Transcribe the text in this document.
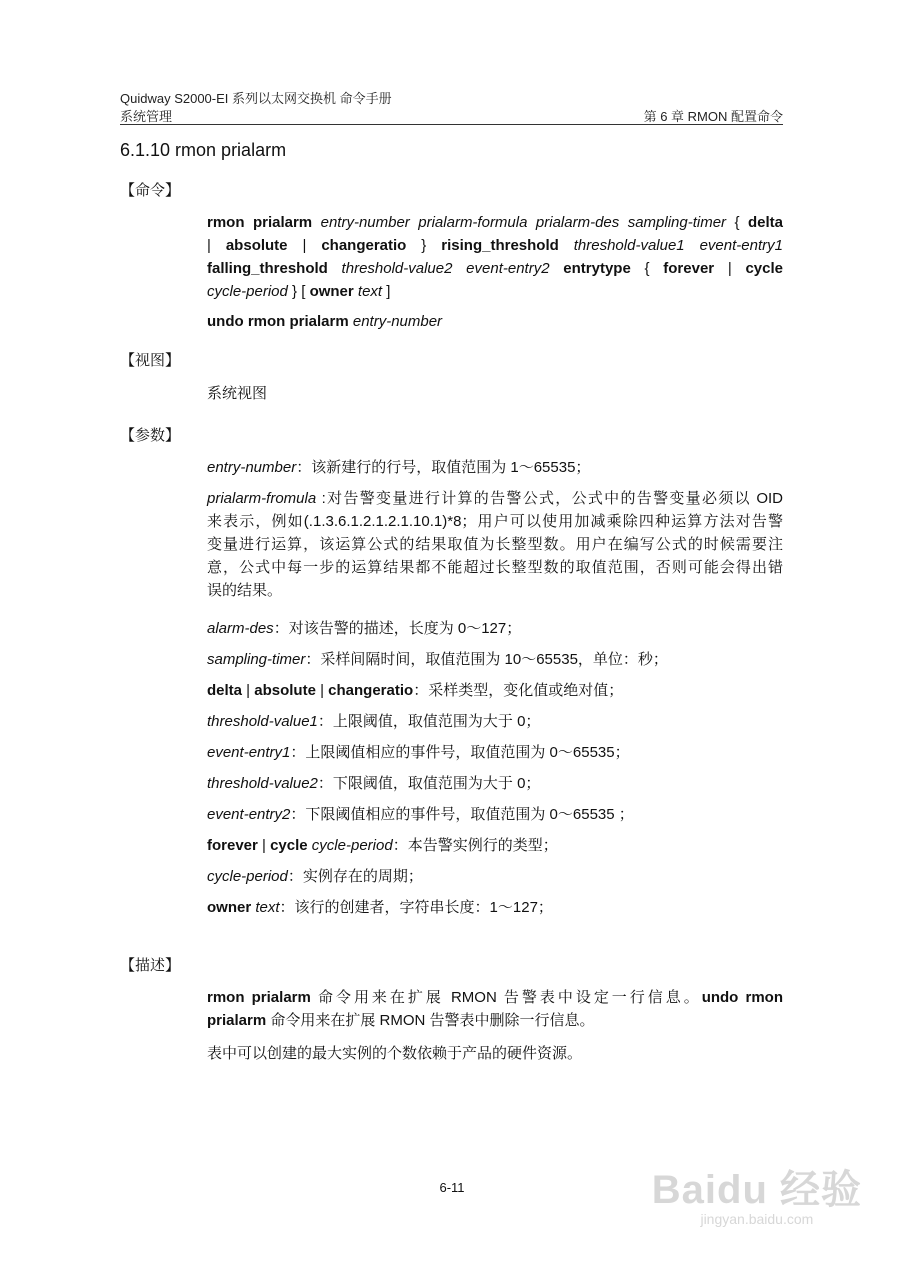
Quidway S2000-EI 系列以太网交换机 命令手册
系统管理	第 6 章 RMON 配置命令
6.1.10 rmon prialarm
【命令】
rmon prialarm entry-number prialarm-formula prialarm-des sampling-timer { delta
| absolute | changeratio } rising_threshold threshold-value1 event-entry1
falling_threshold threshold-value2 event-entry2 entrytype { forever | cycle
cycle-period } [ owner text ]
undo rmon prialarm entry-number
【视图】
系统视图
【参数】
entry-number：该新建行的行号，取值范围为 1～65535；
prialarm-fromula :对告警变量进行计算的告警公式，公式中的告警变量必须以 OID
来表示，例如(.1.3.6.1.2.1.2.1.10.1)*8；用户可以使用加减乘除四种运算方法对告警
变量进行运算，该运算公式的结果取值为长整型数。用户在编写公式的时候需要注
意，公式中每一步的运算结果都不能超过长整型数的取值范围，否则可能会得出错
误的结果。
alarm-des：对该告警的描述，长度为 0～127；
sampling-timer：采样间隔时间，取值范围为 10～65535，单位：秒；
delta | absolute | changeratio：采样类型，变化值或绝对值；
threshold-value1：上限阈值，取值范围为大于 0；
event-entry1：上限阈值相应的事件号，取值范围为 0～65535；
threshold-value2：下限阈值，取值范围为大于 0；
event-entry2：下限阈值相应的事件号，取值范围为 0～65535 ；
forever | cycle cycle-period：本告警实例行的类型；
cycle-period：实例存在的周期；
owner text：该行的创建者，字符串长度：1～127；
【描述】
rmon prialarm 命令用来在扩展 RMON 告警表中设定一行信息。undo rmon
prialarm 命令用来在扩展 RMON 告警表中删除一行信息。
表中可以创建的最大实例的个数依赖于产品的硬件资源。
6-11	Baidu 经验
jingyan.baidu.com
